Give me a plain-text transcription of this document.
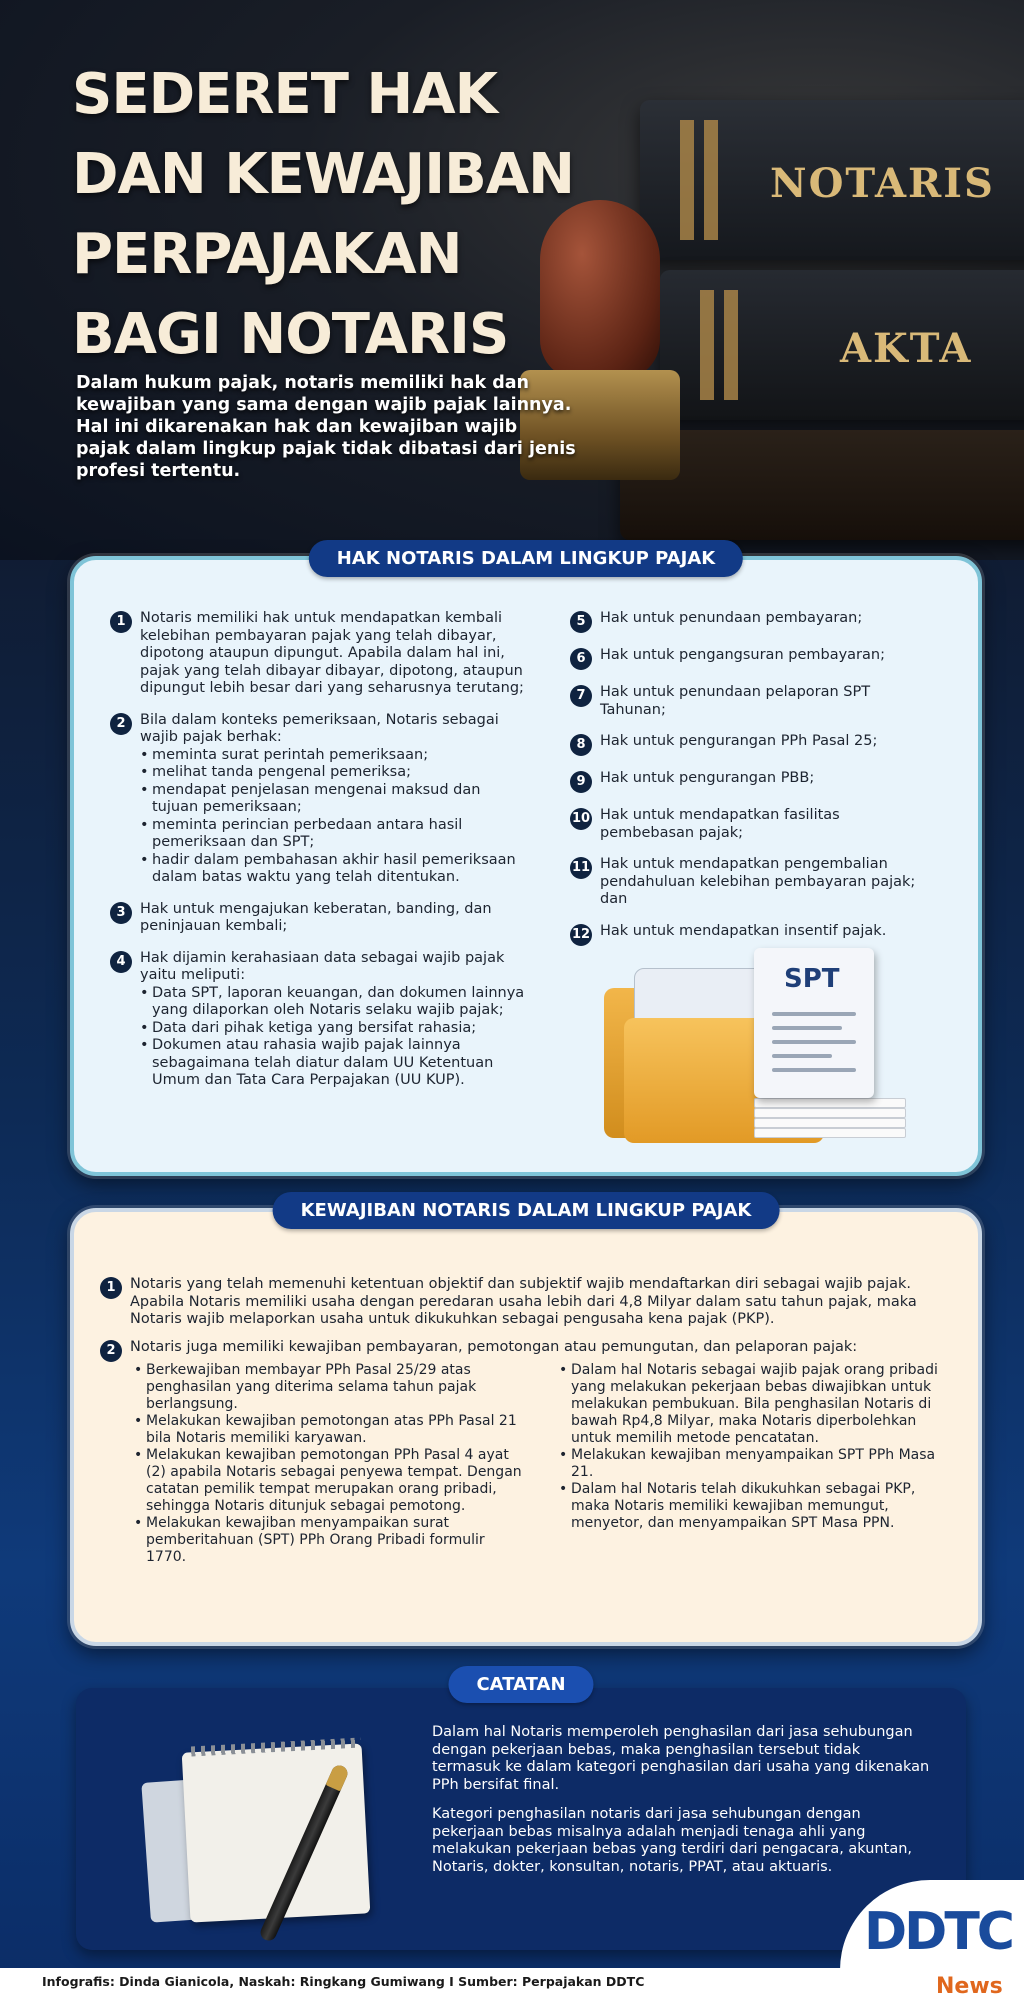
NOTARIS
AKTA
SEDERET HAK
DAN KEWAJIBAN
PERPAJAKAN
BAGI NOTARIS

Dalam hukum pajak, notaris memiliki hak dan kewajiban yang sama dengan wajib pajak lainnya. Hal ini dikarenakan hak dan kewajiban wajib pajak dalam lingkup pajak tidak dibatasi dari jenis profesi tertentu.

HAK NOTARIS DALAM LINGKUP PAJAK
1 Notaris memiliki hak untuk mendapatkan kembali kelebihan pembayaran pajak yang telah dibayar, dipotong ataupun dipungut. Apabila dalam hal ini, pajak yang telah dibayar dibayar, dipotong, ataupun dipungut lebih besar dari yang seharusnya terutang;
2 Bila dalam konteks pemeriksaan, Notaris sebagai wajib pajak berhak:
• meminta surat perintah pemeriksaan;
• melihat tanda pengenal pemeriksa;
• mendapat penjelasan mengenai maksud dan tujuan pemeriksaan;
• meminta perincian perbedaan antara hasil pemeriksaan dan SPT;
• hadir dalam pembahasan akhir hasil pemeriksaan dalam batas waktu yang telah ditentukan.
3 Hak untuk mengajukan keberatan, banding, dan peninjauan kembali;
4 Hak dijamin kerahasiaan data sebagai wajib pajak yaitu meliputi:
• Data SPT, laporan keuangan, dan dokumen lainnya yang dilaporkan oleh Notaris selaku wajib pajak;
• Data dari pihak ketiga yang bersifat rahasia;
• Dokumen atau rahasia wajib pajak lainnya sebagaimana telah diatur dalam UU Ketentuan Umum dan Tata Cara Perpajakan (UU KUP).
5 Hak untuk penundaan pembayaran;
6 Hak untuk pengangsuran pembayaran;
7 Hak untuk penundaan pelaporan SPT Tahunan;
8 Hak untuk pengurangan PPh Pasal 25;
9 Hak untuk pengurangan PBB;
10 Hak untuk mendapatkan fasilitas pembebasan pajak;
11 Hak untuk mendapatkan pengembalian pendahuluan kelebihan pembayaran pajak; dan
12 Hak untuk mendapatkan insentif pajak.
SPT
KEWAJIBAN NOTARIS DALAM LINGKUP PAJAK
1 Notaris yang telah memenuhi ketentuan objektif dan subjektif wajib mendaftarkan diri sebagai wajib pajak. Apabila Notaris memiliki usaha dengan peredaran usaha lebih dari 4,8 Milyar dalam satu tahun pajak, maka Notaris wajib melaporkan usaha untuk dikukuhkan sebagai pengusaha kena pajak (PKP).
2 Notaris juga memiliki kewajiban pembayaran, pemotongan atau pemungutan, dan pelaporan pajak:
• Berkewajiban membayar PPh Pasal 25/29 atas penghasilan yang diterima selama tahun pajak berlangsung.
• Melakukan kewajiban pemotongan atas PPh Pasal 21 bila Notaris memiliki karyawan.
• Melakukan kewajiban pemotongan PPh Pasal 4 ayat (2) apabila Notaris sebagai penyewa tempat. Dengan catatan pemilik tempat merupakan orang pribadi, sehingga Notaris ditunjuk sebagai pemotong.
• Melakukan kewajiban menyampaikan surat pemberitahuan (SPT) PPh Orang Pribadi formulir 1770.
• Dalam hal Notaris sebagai wajib pajak orang pribadi yang melakukan pekerjaan bebas diwajibkan untuk melakukan pembukuan. Bila penghasilan Notaris di bawah Rp4,8 Milyar, maka Notaris diperbolehkan untuk memilih metode pencatatan.
• Melakukan kewajiban menyampaikan SPT PPh Masa 21.
• Dalam hal Notaris telah dikukuhkan sebagai PKP, maka Notaris memiliki kewajiban memungut, menyetor, dan menyampaikan SPT Masa PPN.
CATATAN

Dalam hal Notaris memperoleh penghasilan dari jasa sehubungan dengan pekerjaan bebas, maka penghasilan tersebut tidak termasuk ke dalam kategori penghasilan dari usaha yang dikenakan PPh bersifat final.

Kategori penghasilan notaris dari jasa sehubungan dengan pekerjaan bebas misalnya adalah menjadi tenaga ahli yang melakukan pekerjaan bebas yang terdiri dari pengacara, akuntan, Notaris, dokter, konsultan, notaris, PPAT, atau aktuaris.

Infografis: Dinda Gianicola, Naskah: Ringkang Gumiwang I Sumber: Perpajakan DDTC
DDTC
News
